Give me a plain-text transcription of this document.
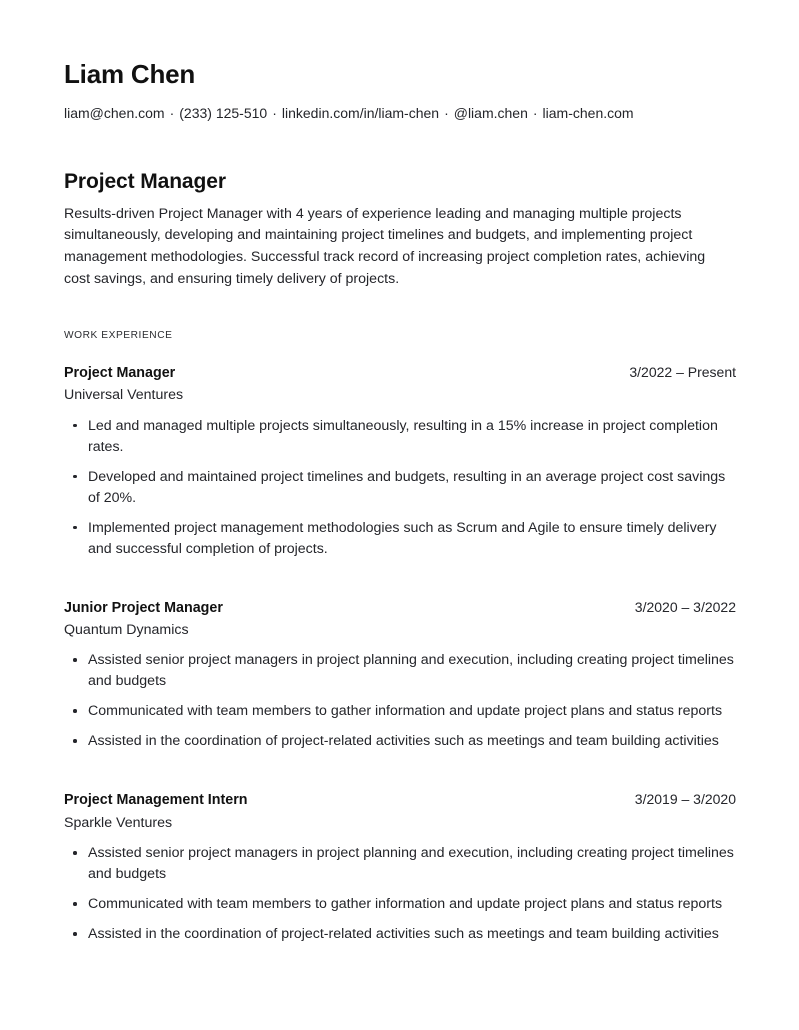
Liam Chen

liam@chen.com · (233) 125-510 · linkedin.com/in/liam-chen · @liam.chen · liam-chen.com

Project Manager

Results-driven Project Manager with 4 years of experience leading and managing multiple projects simultaneously, developing and maintaining project timelines and budgets, and implementing project management methodologies. Successful track record of increasing project completion rates, achieving cost savings, and ensuring timely delivery of projects.

WORK EXPERIENCE
Project Manager	3/2022 – Present
Universal Ventures
Led and managed multiple projects simultaneously, resulting in a 15% increase in project completion rates.
Developed and maintained project timelines and budgets, resulting in an average project cost savings of 20%.
Implemented project management methodologies such as Scrum and Agile to ensure timely delivery and successful completion of projects.
Junior Project Manager	3/2020 – 3/2022
Quantum Dynamics
Assisted senior project managers in project planning and execution, including creating project timelines and budgets
Communicated with team members to gather information and update project plans and status reports
Assisted in the coordination of project-related activities such as meetings and team building activities
Project Management Intern	3/2019 – 3/2020
Sparkle Ventures
Assisted senior project managers in project planning and execution, including creating project timelines and budgets
Communicated with team members to gather information and update project plans and status reports
Assisted in the coordination of project-related activities such as meetings and team building activities
